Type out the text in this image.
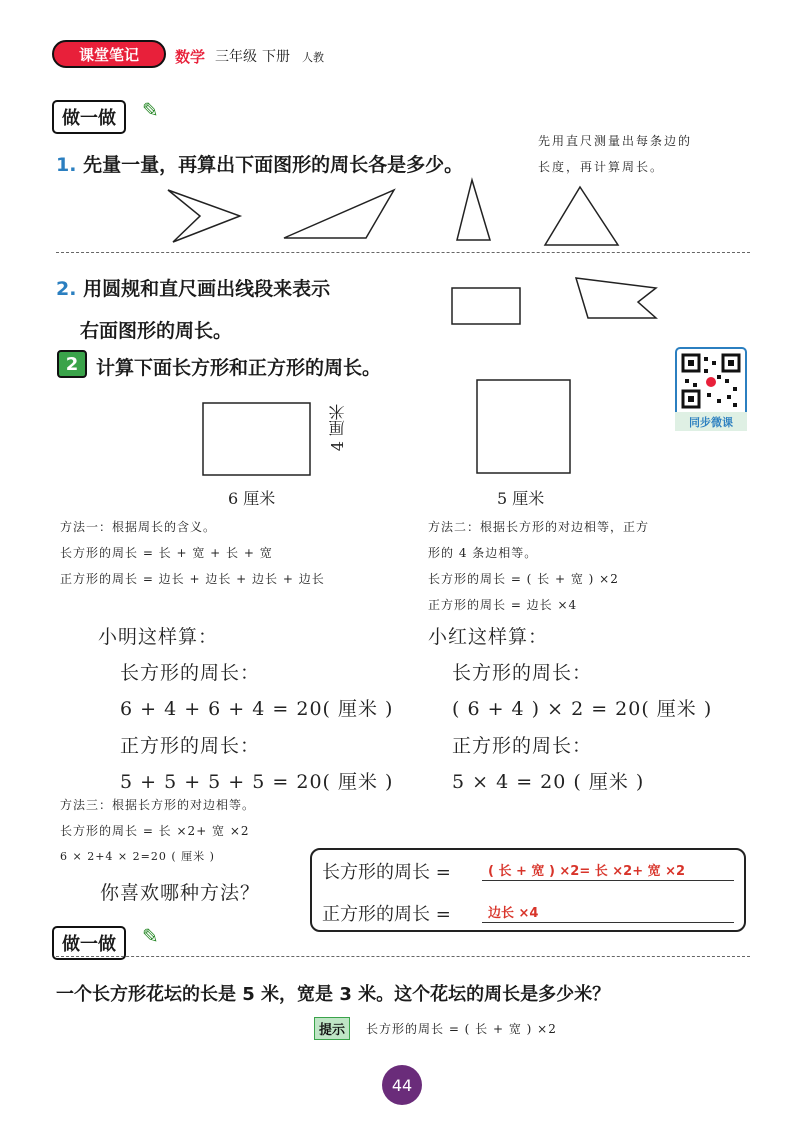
课堂笔记	数学 三年级 下册 人教
做一做	✎
1. 先量一量，再算出下面图形的周长各是多少。
先用直尺测量出每条边的
长度，再计算周长。
2. 用圆规和直尺画出线段来表示
右面图形的周长。
2 计算下面长方形和正方形的周长。
同步微课
6 厘米
4 厘米
5 厘米
方法一：根据周长的含义。
长方形的周长 = 长 + 宽 + 长 + 宽
正方形的周长 = 边长 + 边长 + 边长 + 边长
方法二：根据长方形的对边相等，正方
形的 4 条边相等。
长方形的周长 = ( 长 + 宽 ) ×2
正方形的周长 = 边长 ×4
小明这样算：
长方形的周长：
6 + 4 + 6 + 4 = 20( 厘米 )
正方形的周长：
5 + 5 + 5 + 5 = 20( 厘米 )
小红这样算：
长方形的周长：
( 6 + 4 ) × 2 = 20( 厘米 )
正方形的周长：
5 × 4 = 20 ( 厘米 )
方法三：根据长方形的对边相等。
长方形的周长 = 长 ×2+ 宽 ×2
6 × 2+4 × 2=20 ( 厘米 )
你喜欢哪种方法？
长方形的周长 =	( 长 + 宽 ) ×2= 长 ×2+ 宽 ×2
正方形的周长 =	边长 ×4
做一做	✎
一个长方形花坛的长是 5 米，宽是 3 米。这个花坛的周长是多少米？
提示	长方形的周长 = ( 长 + 宽 ) ×2
44
